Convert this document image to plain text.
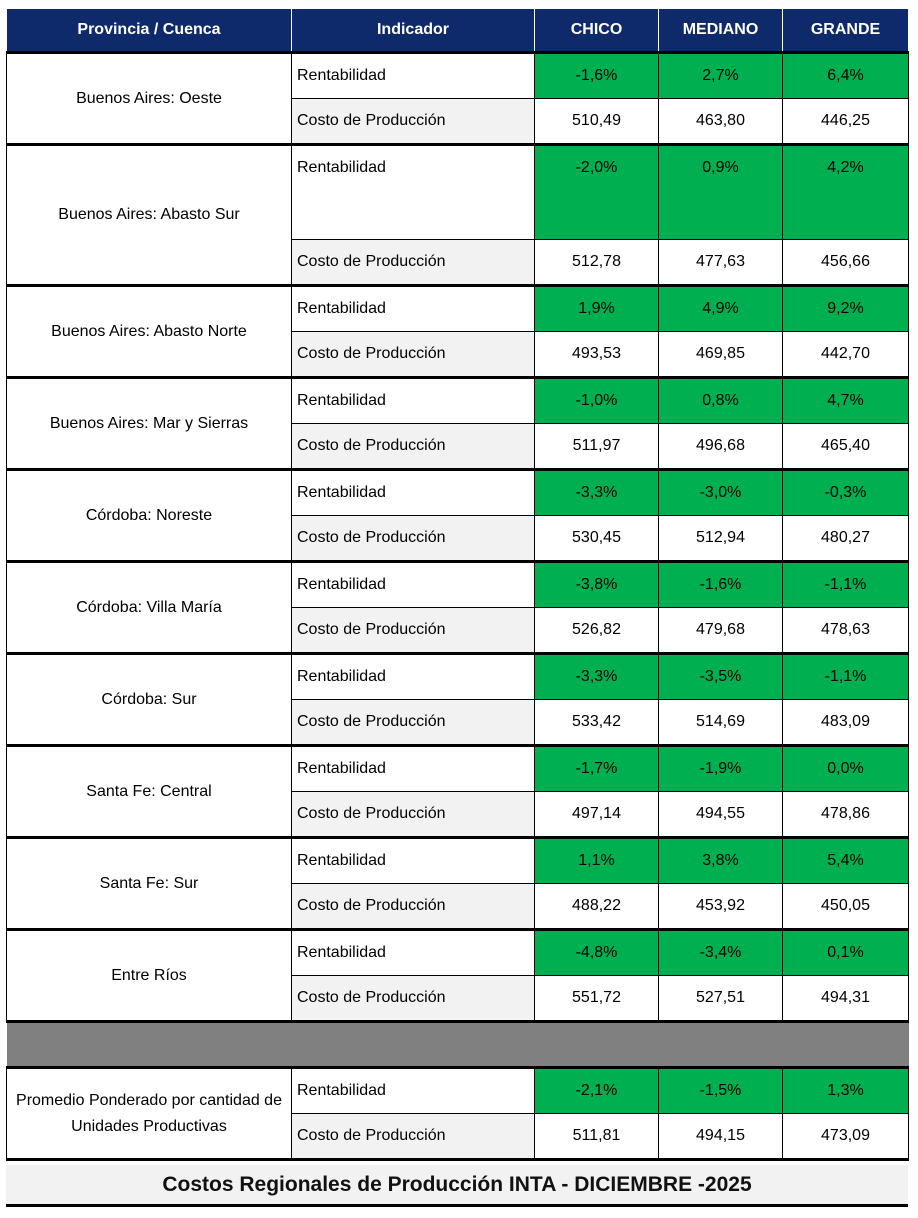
Provincia / Cuenca	Indicador	CHICO	MEDIANO	GRANDE
Buenos Aires: Oeste	Rentabilidad	-1,6%	2,7%	6,4%
	Costo de Producción	510,49	463,80	446,25
Buenos Aires: Abasto Sur	Rentabilidad	-2,0%	0,9%	4,2%
	Costo de Producción	512,78	477,63	456,66
Buenos Aires: Abasto Norte	Rentabilidad	1,9%	4,9%	9,2%
	Costo de Producción	493,53	469,85	442,70
Buenos Aires: Mar y Sierras	Rentabilidad	-1,0%	0,8%	4,7%
	Costo de Producción	511,97	496,68	465,40
Córdoba: Noreste	Rentabilidad	-3,3%	-3,0%	-0,3%
	Costo de Producción	530,45	512,94	480,27
Córdoba: Villa María	Rentabilidad	-3,8%	-1,6%	-1,1%
	Costo de Producción	526,82	479,68	478,63
Córdoba: Sur	Rentabilidad	-3,3%	-3,5%	-1,1%
	Costo de Producción	533,42	514,69	483,09
Santa Fe: Central	Rentabilidad	-1,7%	-1,9%	0,0%
	Costo de Producción	497,14	494,55	478,86
Santa Fe: Sur	Rentabilidad	1,1%	3,8%	5,4%
	Costo de Producción	488,22	453,92	450,05
Entre Ríos	Rentabilidad	-4,8%	-3,4%	0,1%
	Costo de Producción	551,72	527,51	494,31

Promedio Ponderado por cantidad de Unidades Productivas	Rentabilidad	-2,1%	-1,5%	1,3%
	Costo de Producción	511,81	494,15	473,09
Costos Regionales de Producción INTA - DICIEMBRE -2025
